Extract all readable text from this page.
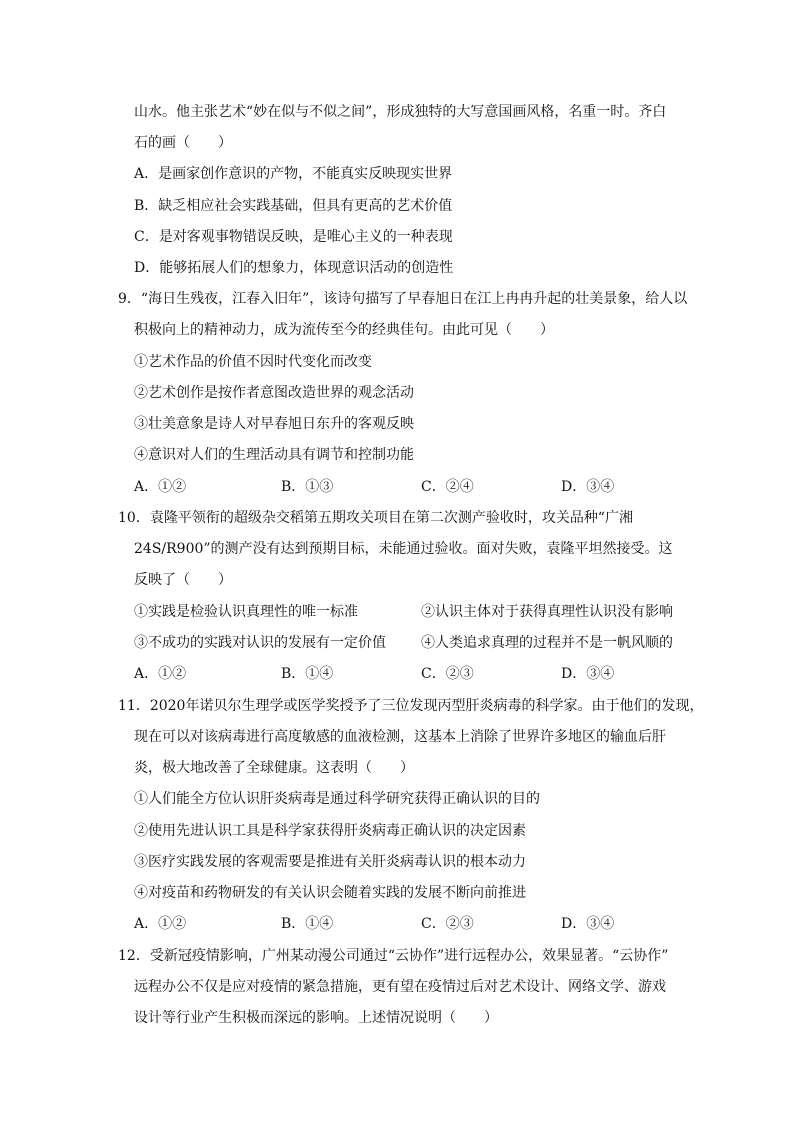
山水。他主张艺术“妙在似与不似之间”，形成独特的大写意国画风格，名重一时。齐白
石的画（　　）
A．是画家创作意识的产物，不能真实反映现实世界
B．缺乏相应社会实践基础，但具有更高的艺术价值
C．是对客观事物错误反映，是唯心主义的一种表现
D．能够拓展人们的想象力，体现意识活动的创造性
9．“海日生残夜，江春入旧年”，该诗句描写了早春旭日在江上冉冉升起的壮美景象，给人以
积极向上的精神动力，成为流传至今的经典佳句。由此可见（　　）
①艺术作品的价值不因时代变化而改变
②艺术创作是按作者意图改造世界的观念活动
③壮美意象是诗人对早春旭日东升的客观反映
④意识对人们的生理活动具有调节和控制功能
A．①②	B．①③	C．②④	D．③④
10．袁隆平领衔的超级杂交稻第五期攻关项目在第二次测产验收时，攻关品种“广湘
24S/R900”的测产没有达到预期目标，未能通过验收。面对失败，袁隆平坦然接受。这
反映了（　　）
①实践是检验认识真理性的唯一标准	②认识主体对于获得真理性认识没有影响
③不成功的实践对认识的发展有一定价值	④人类追求真理的过程并不是一帆风顺的
A．①②	B．①④	C．②③	D．③④
11．2020年诺贝尔生理学或医学奖授予了三位发现丙型肝炎病毒的科学家。由于他们的发现，
现在可以对该病毒进行高度敏感的血液检测，这基本上消除了世界许多地区的输血后肝
炎，极大地改善了全球健康。这表明（　　）
①人们能全方位认识肝炎病毒是通过科学研究获得正确认识的目的
②使用先进认识工具是科学家获得肝炎病毒正确认识的决定因素
③医疗实践发展的客观需要是推进有关肝炎病毒认识的根本动力
④对疫苗和药物研发的有关认识会随着实践的发展不断向前推进
A．①②	B．①④	C．②③	D．③④
12．受新冠疫情影响，广州某动漫公司通过“云协作”进行远程办公，效果显著。“云协作”
远程办公不仅是应对疫情的紧急措施，更有望在疫情过后对艺术设计、网络文学、游戏
设计等行业产生积极而深远的影响。上述情况说明（　　）
